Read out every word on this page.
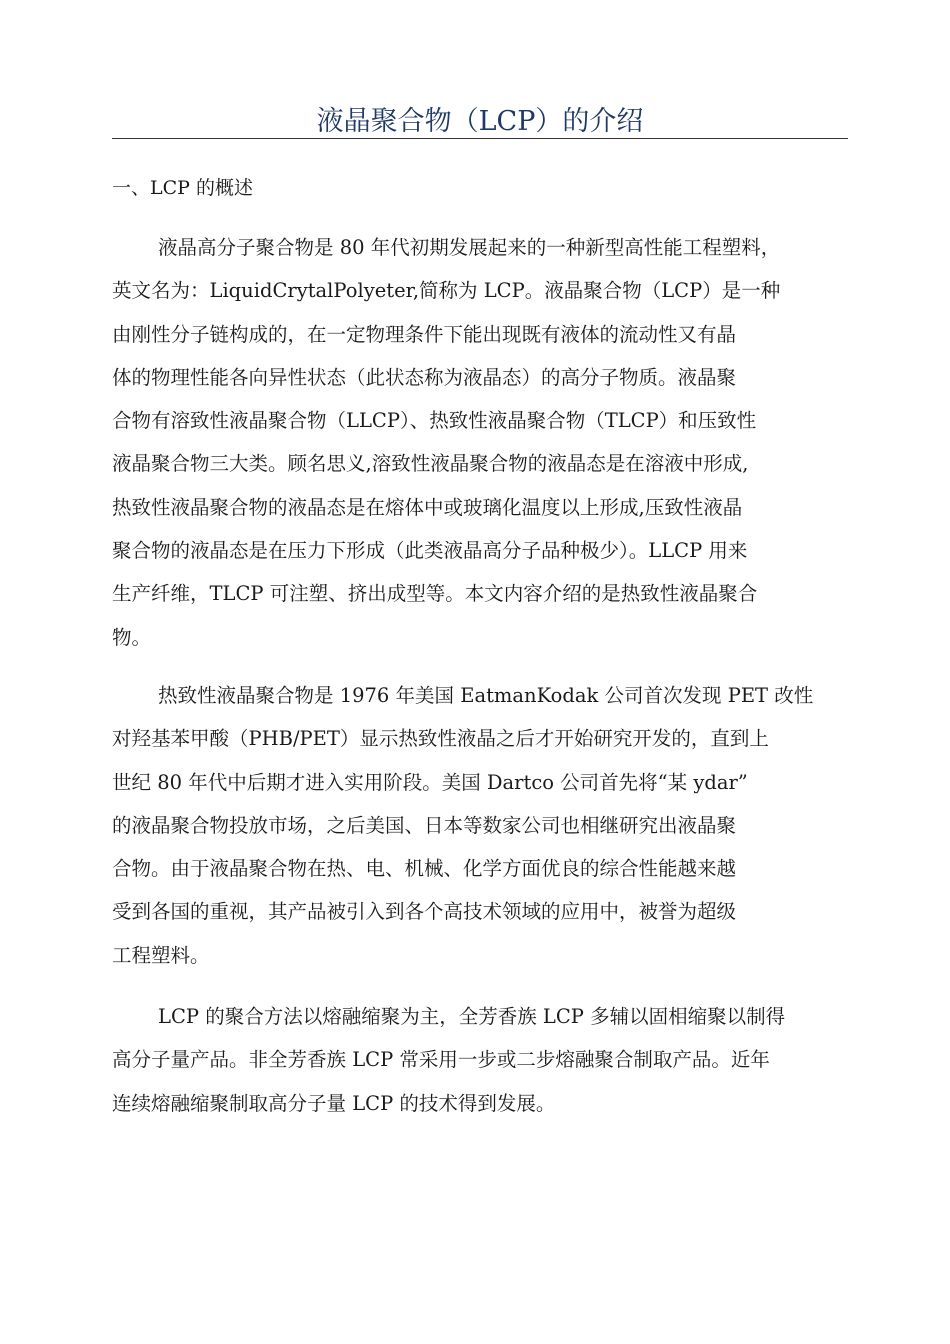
液晶聚合物（LCP）的介绍
一、LCP 的概述
液晶高分子聚合物是 80 年代初期发展起来的一种新型高性能工程塑料，
英文名为：LiquidCrytalPolyeter,简称为 LCP。液晶聚合物（LCP）是一种
由刚性分子链构成的，在一定物理条件下能出现既有液体的流动性又有晶
体的物理性能各向异性状态（此状态称为液晶态）的高分子物质。液晶聚
合物有溶致性液晶聚合物（LLCP）、热致性液晶聚合物（TLCP）和压致性
液晶聚合物三大类。顾名思义,溶致性液晶聚合物的液晶态是在溶液中形成,
热致性液晶聚合物的液晶态是在熔体中或玻璃化温度以上形成,压致性液晶
聚合物的液晶态是在压力下形成（此类液晶高分子品种极少）。LLCP 用来
生产纤维，TLCP 可注塑、挤出成型等。本文内容介绍的是热致性液晶聚合
物。
热致性液晶聚合物是 1976 年美国 EatmanKodak 公司首次发现 PET 改性
对羟基苯甲酸（PHB/PET）显示热致性液晶之后才开始研究开发的，直到上
世纪 80 年代中后期才进入实用阶段。美国 Dartco 公司首先将“某 ydar”
的液晶聚合物投放市场，之后美国、日本等数家公司也相继研究出液晶聚
合物。由于液晶聚合物在热、电、机械、化学方面优良的综合性能越来越
受到各国的重视，其产品被引入到各个高技术领域的应用中，被誉为超级
工程塑料。
LCP 的聚合方法以熔融缩聚为主，全芳香族 LCP 多辅以固相缩聚以制得
高分子量产品。非全芳香族 LCP 常采用一步或二步熔融聚合制取产品。近年
连续熔融缩聚制取高分子量 LCP 的技术得到发展。
